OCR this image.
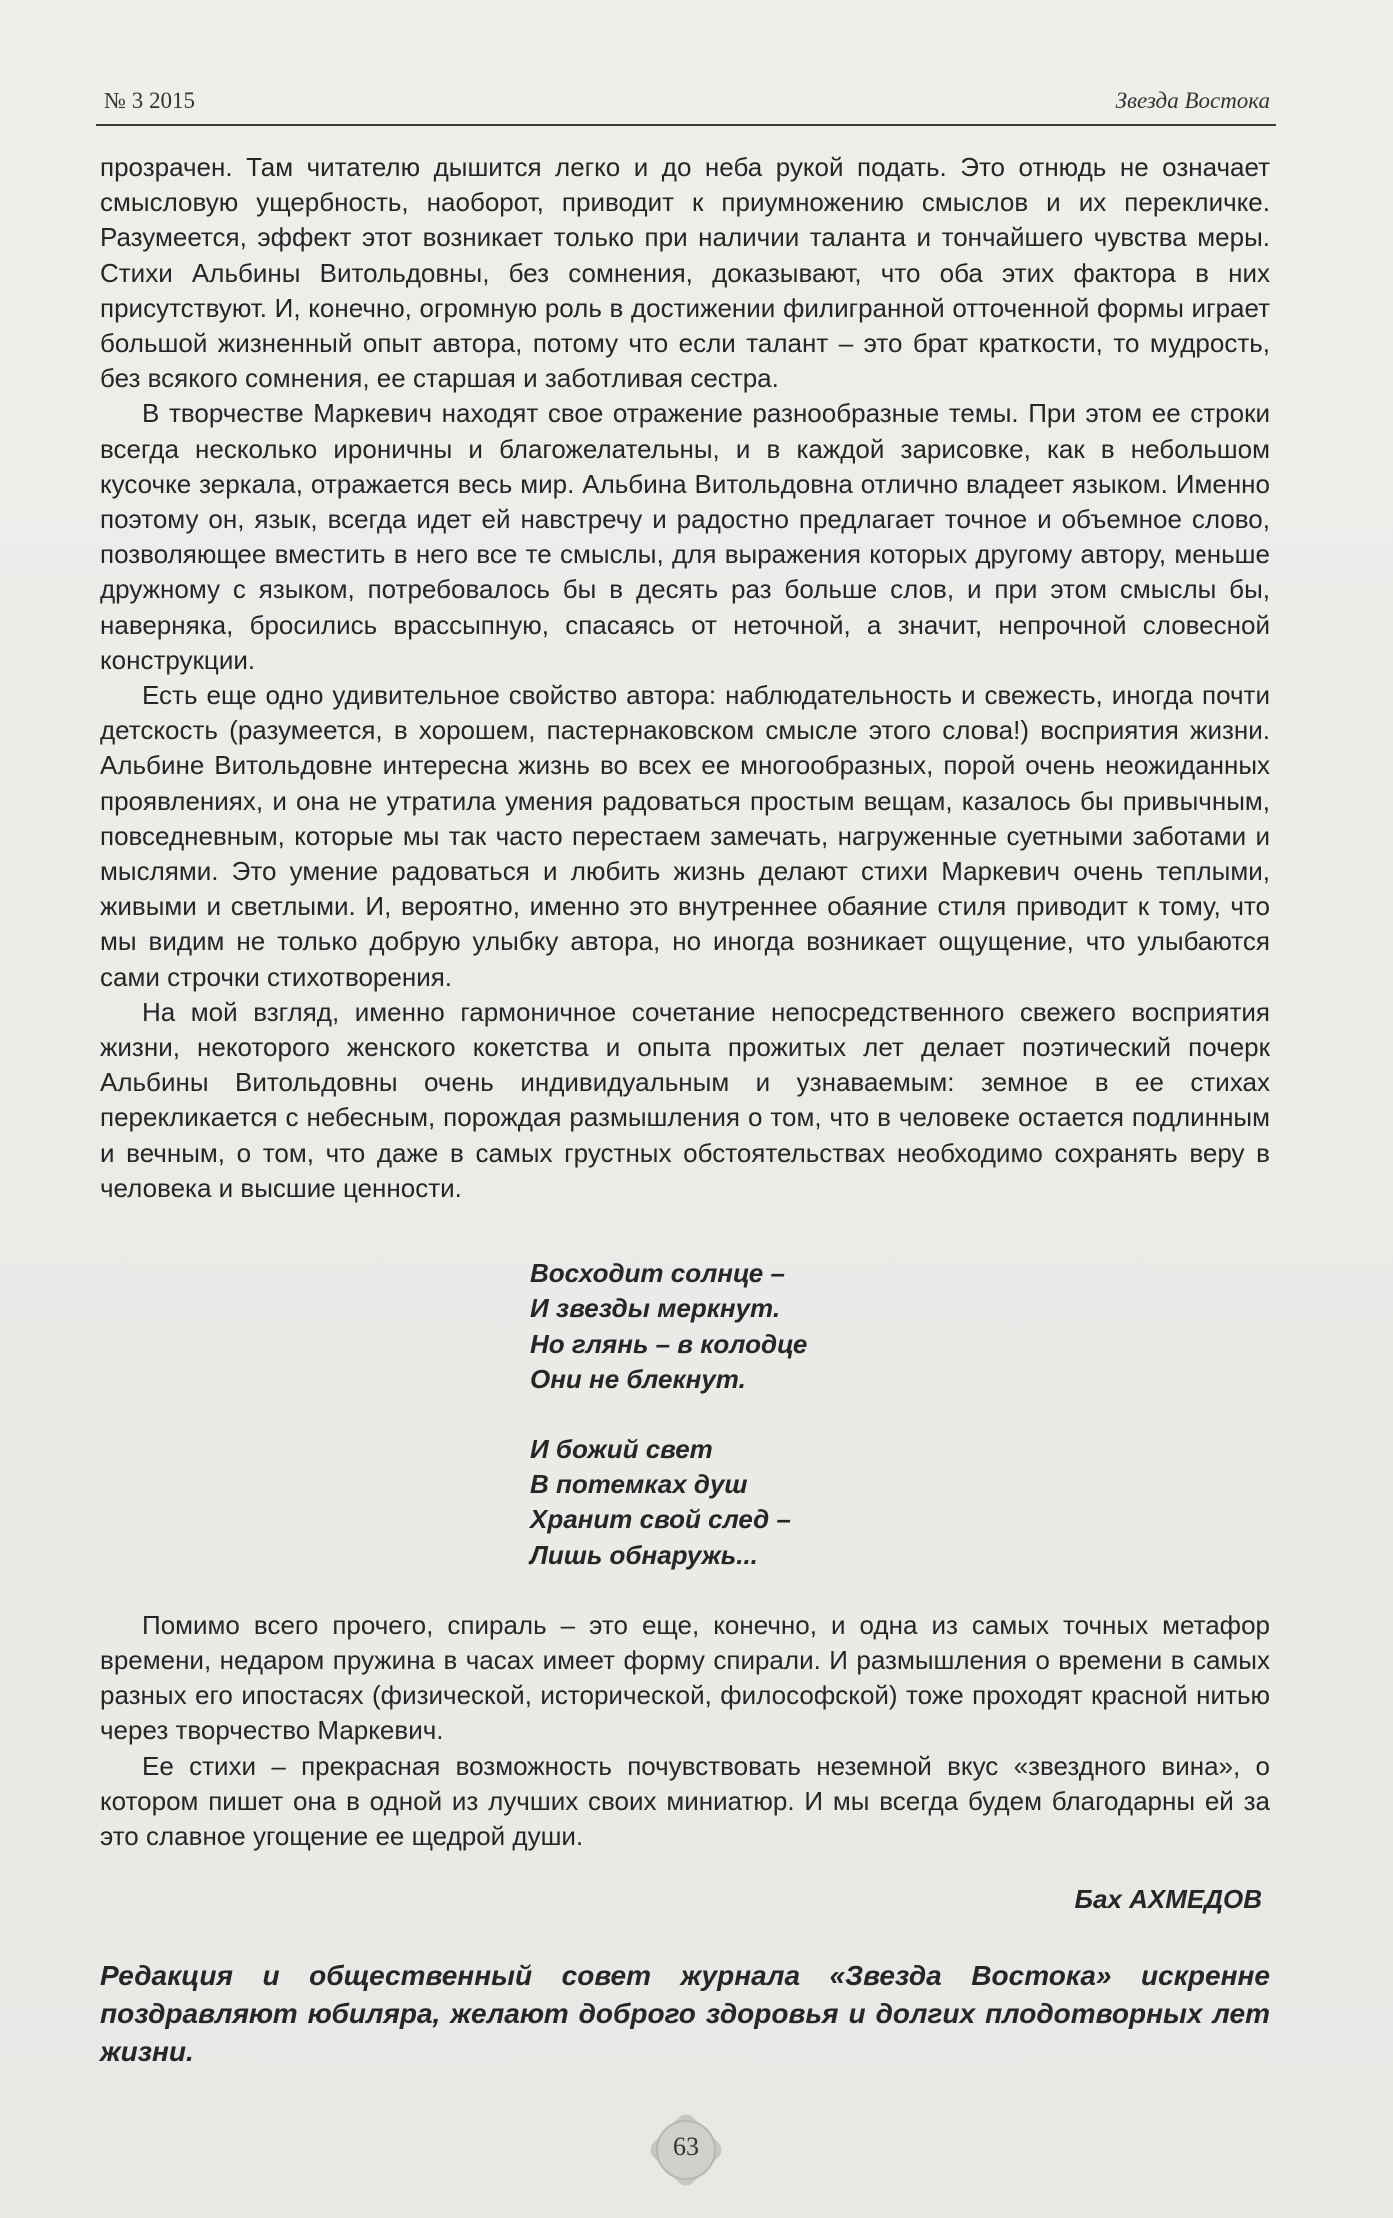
№ 3 2015	Звезда Востока

прозрачен. Там читателю дышится легко и до неба рукой подать. Это отнюдь не означает смысловую ущербность, наоборот, приводит к приумножению смыслов и их перекличке. Разумеется, эффект этот возникает только при наличии таланта и тончайшего чувства меры. Стихи Альбины Витольдовны, без сомнения, доказывают, что оба этих фактора в них присутствуют. И, конечно, огромную роль в достижении филигранной отточенной формы играет большой жизненный опыт автора, потому что если талант – это брат краткости, то мудрость, без всякого сомнения, ее старшая и заботливая сестра.

В творчестве Маркевич находят свое отражение разнообразные темы. При этом ее строки всегда несколько ироничны и благожелательны, и в каждой зарисовке, как в небольшом кусочке зеркала, отражается весь мир. Альбина Витольдовна отлично владеет языком. Именно поэтому он, язык, всегда идет ей навстречу и радостно предлагает точное и объемное слово, позволяющее вместить в него все те смыслы, для выражения которых другому автору, меньше дружному с языком, потребовалось бы в десять раз больше слов, и при этом смыслы бы, наверняка, бросились врассыпную, спасаясь от неточной, а значит, непрочной словесной конструкции.

Есть еще одно удивительное свойство автора: наблюдательность и свежесть, иногда почти детскость (разумеется, в хорошем, пастернаковском смысле этого слова!) восприятия жизни. Альбине Витольдовне интересна жизнь во всех ее многообразных, порой очень неожиданных проявлениях, и она не утратила умения радоваться простым вещам, казалось бы привычным, повседневным, которые мы так часто перестаем замечать, нагруженные суетными заботами и мыслями. Это умение радоваться и любить жизнь делают стихи Маркевич очень теплыми, живыми и светлыми. И, вероятно, именно это внутреннее обаяние стиля приводит к тому, что мы видим не только добрую улыбку автора, но иногда возникает ощущение, что улыбаются сами строчки стихотворения.

На мой взгляд, именно гармоничное сочетание непосредственного свежего восприятия жизни, некоторого женского кокетства и опыта прожитых лет делает поэтический почерк Альбины Витольдовны очень индивидуальным и узнаваемым: земное в ее стихах перекликается с небесным, порождая размышления о том, что в человеке остается подлинным и вечным, о том, что даже в самых грустных обстоятельствах необходимо сохранять веру в человека и высшие ценности.

Восходит солнце –
И звезды меркнут.
Но глянь – в колодце
Они не блекнут.
И божий свет
В потемках душ
Хранит свой след –
Лишь обнаружь...

Помимо всего прочего, спираль – это еще, конечно, и одна из самых точных метафор времени, недаром пружина в часах имеет форму спирали. И размышления о времени в самых разных его ипостасях (физической, исторической, философской) тоже проходят красной нитью через творчество Маркевич.

Ее стихи – прекрасная возможность почувствовать неземной вкус «звездного вина», о котором пишет она в одной из лучших своих миниатюр. И мы всегда будем благодарны ей за это славное угощение ее щедрой души.

Бах АХМЕДОВ
Редакция и общественный совет журнала «Звезда Востока» искренне поздравляют юбиляра, желают доброго здоровья и долгих плодотворных лет жизни.
63
